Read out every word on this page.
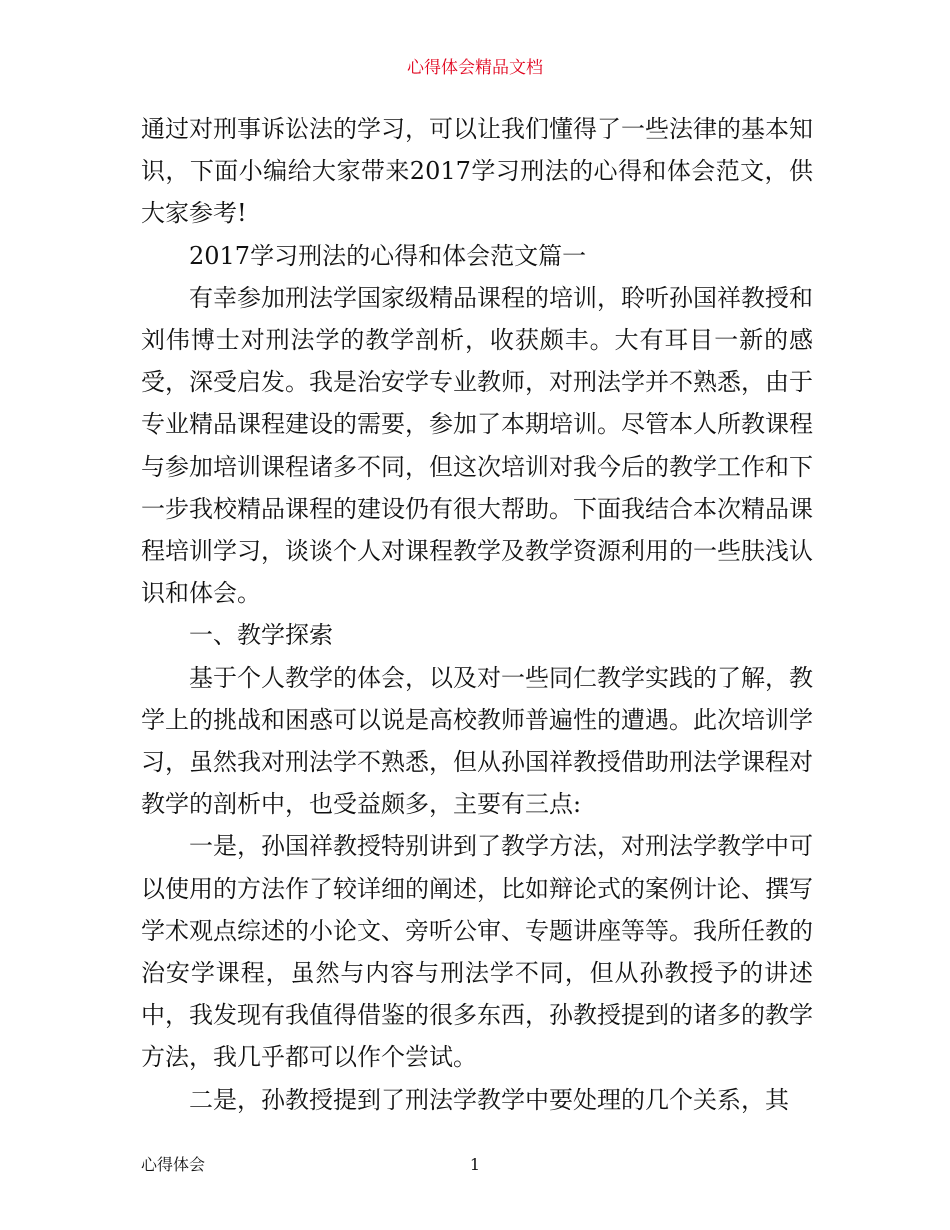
心得体会精品文档

通过对刑事诉讼法的学习，可以让我们懂得了一些法律的基本知识，下面小编给大家带来2017学习刑法的心得和体会范文，供大家参考!

2017学习刑法的心得和体会范文篇一

有幸参加刑法学国家级精品课程的培训，聆听孙国祥教授和刘伟博士对刑法学的教学剖析，收获颇丰。大有耳目一新的感受，深受启发。我是治安学专业教师，对刑法学并不熟悉，由于专业精品课程建设的需要，参加了本期培训。尽管本人所教课程与参加培训课程诸多不同，但这次培训对我今后的教学工作和下一步我校精品课程的建设仍有很大帮助。下面我结合本次精品课程培训学习，谈谈个人对课程教学及教学资源利用的一些肤浅认识和体会。

一、教学探索

基于个人教学的体会，以及对一些同仁教学实践的了解，教学上的挑战和困惑可以说是高校教师普遍性的遭遇。此次培训学习，虽然我对刑法学不熟悉，但从孙国祥教授借助刑法学课程对教学的剖析中，也受益颇多，主要有三点:

一是，孙国祥教授特别讲到了教学方法，对刑法学教学中可以使用的方法作了较详细的阐述，比如辩论式的案例计论、撰写学术观点综述的小论文、旁听公审、专题讲座等等。我所任教的治安学课程，虽然与内容与刑法学不同，但从孙教授予的讲述中，我发现有我值得借鉴的很多东西，孙教授提到的诸多的教学方法，我几乎都可以作个尝试。

二是，孙教授提到了刑法学教学中要处理的几个关系，其

心得体会	1
